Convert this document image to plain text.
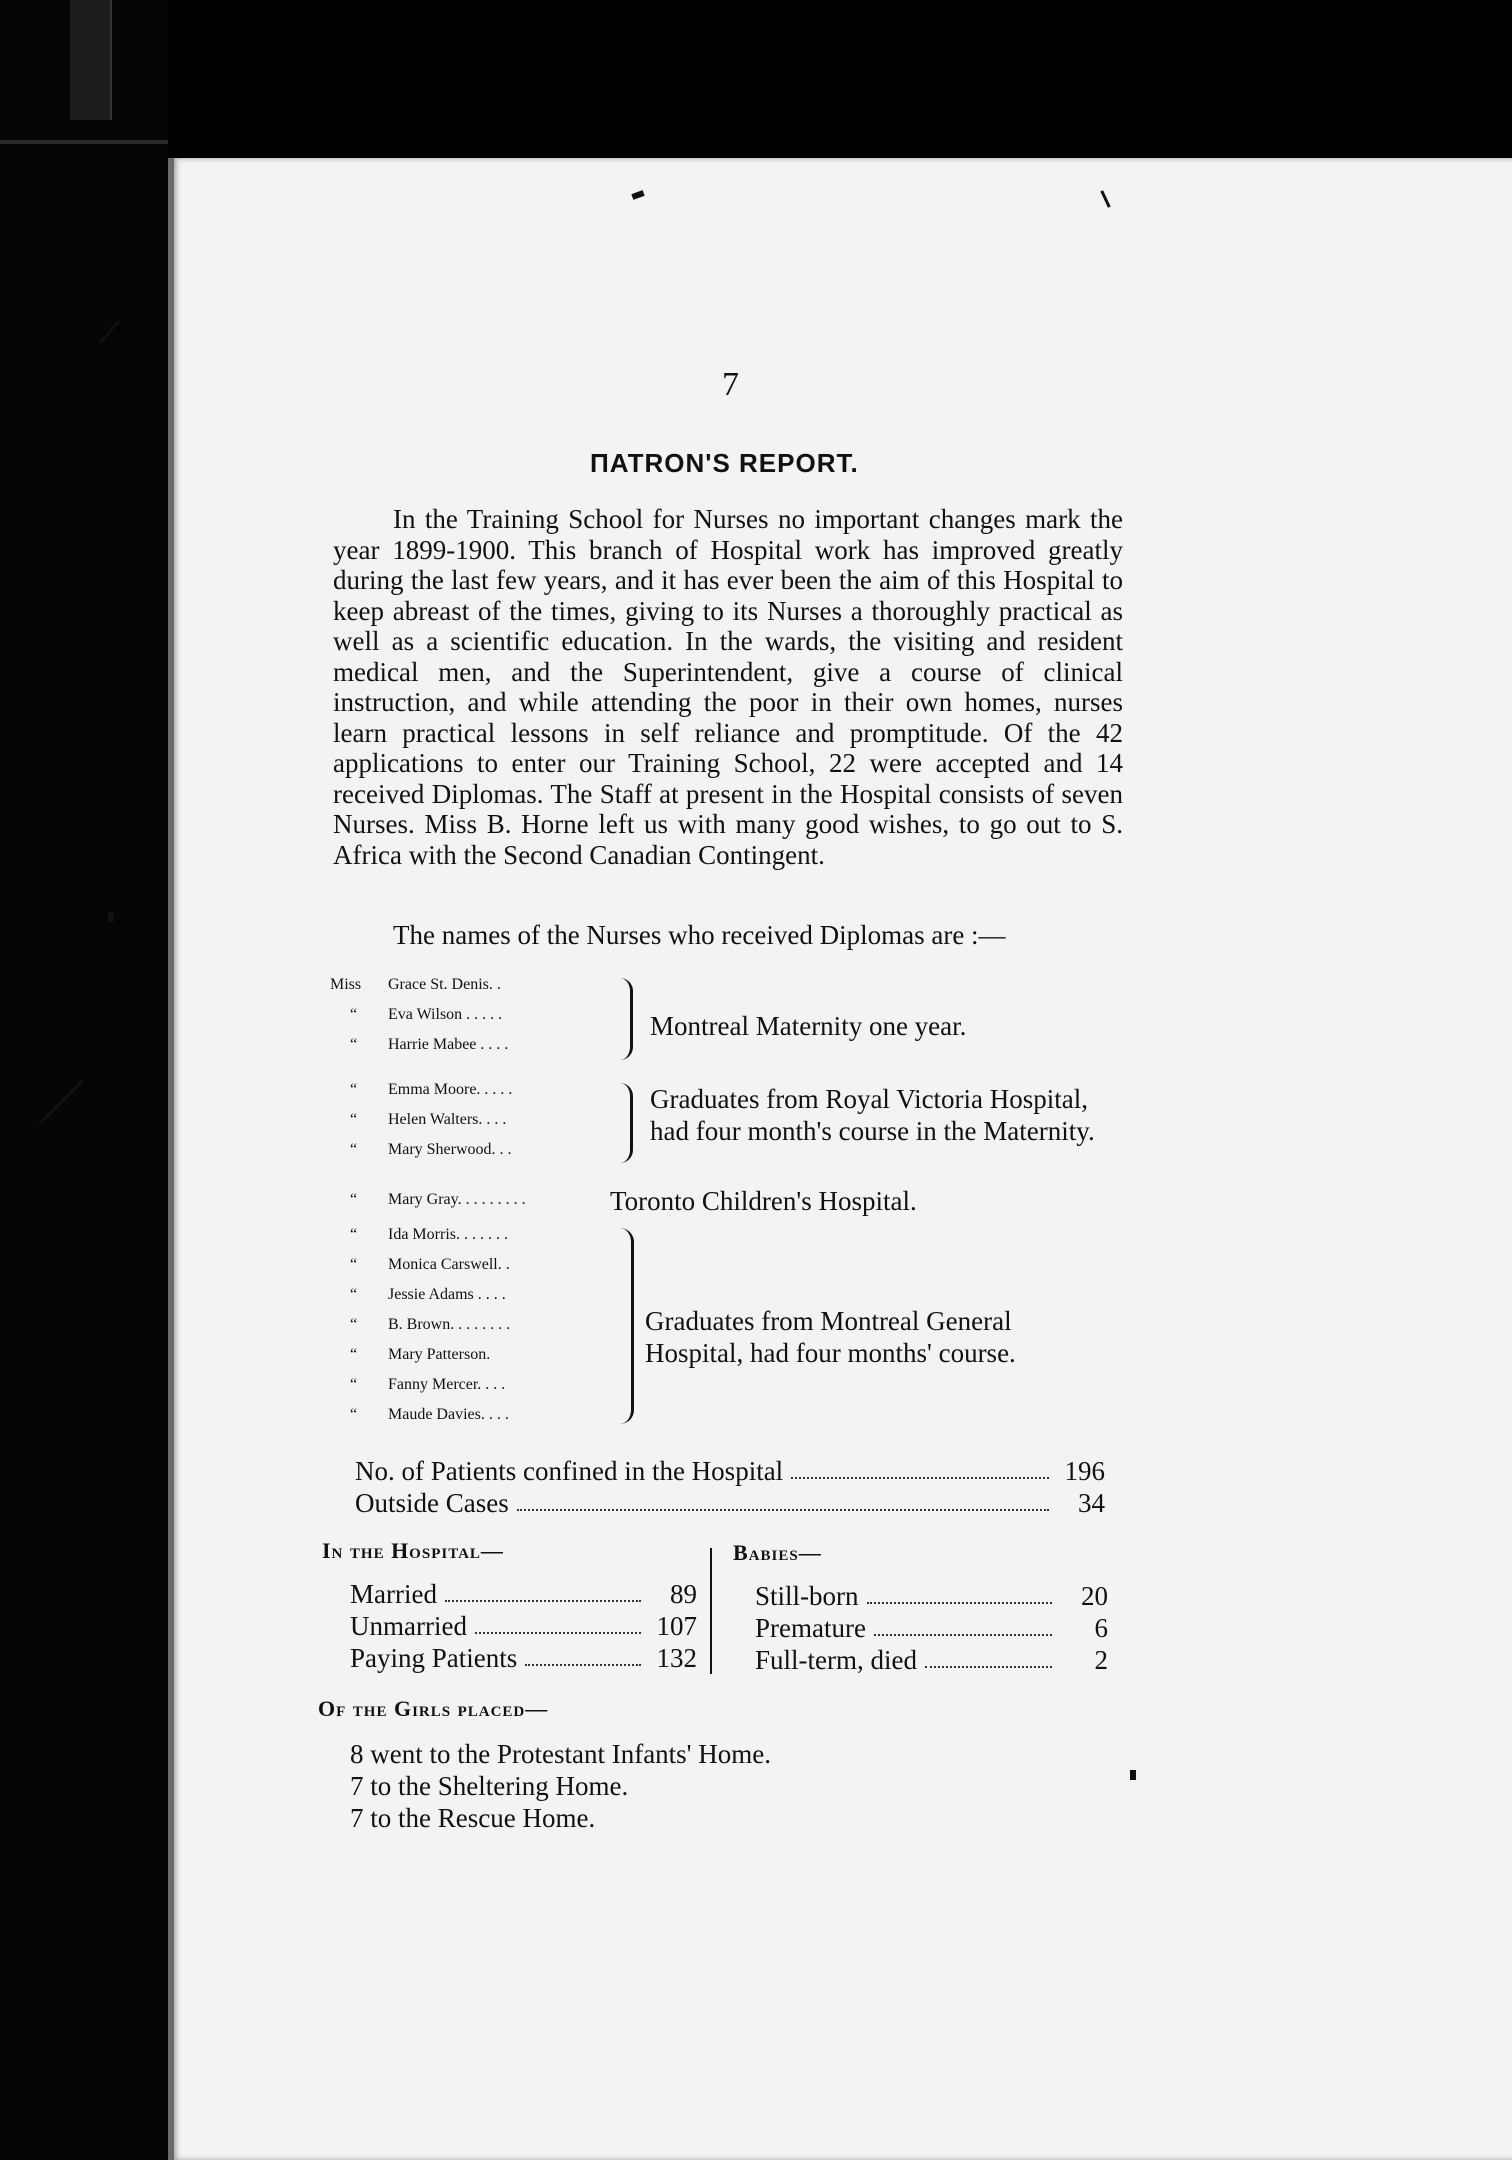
7
ΠATRON'S REPORT.
In the Training School for Nurses no important changes mark the year 1899-1900. This branch of Hospital work has improved greatly during the last few years, and it has ever been the aim of this Hospital to keep abreast of the times, giving to its Nurses a thoroughly practical as well as a scientific education. In the wards, the visiting and resident medical men, and the Superintendent, give a course of clinical instruction, and while attending the poor in their own homes, nurses learn practical lessons in self reliance and promptitude. Of the 42 applications to enter our Training School, 22 were accepted and 14 received Diplomas. The Staff at present in the Hospital consists of seven Nurses. Miss B. Horne left us with many good wishes, to go out to S. Africa with the Second Canadian Contingent.
The names of the Nurses who received Diplomas are :—
Miss	Grace St. Denis. .
“	Eva Wilson . . . . .
“	Harrie Mabee . . . .
Montreal Maternity one year.
“	Emma Moore. . . . .
“	Helen Walters. . . .
“	Mary Sherwood. . .
Graduates from Royal Victoria Hospital, had four month's course in the Maternity.
“	Mary Gray. . . . . . . . .	Toronto Children's Hospital.
“	Ida Morris. . . . . . .
“	Monica Carswell. .
“	Jessie Adams . . . .
“	B. Brown. . . . . . . .
“	Mary Patterson.
“	Fanny Mercer. . . .
“	Maude Davies. . . .
Graduates from Montreal General Hospital, had four months' course.
No. of Patients confined in the Hospital	196
Outside Cases	34
In the Hospital—
Married	89
Unmarried	107
Paying Patients	132
Babies—
Still-born	20
Premature	6
Full-term, died	2
Of the Girls placed—
8 went to the Protestant Infants' Home.
7 to the Sheltering Home.
7 to the Rescue Home.
